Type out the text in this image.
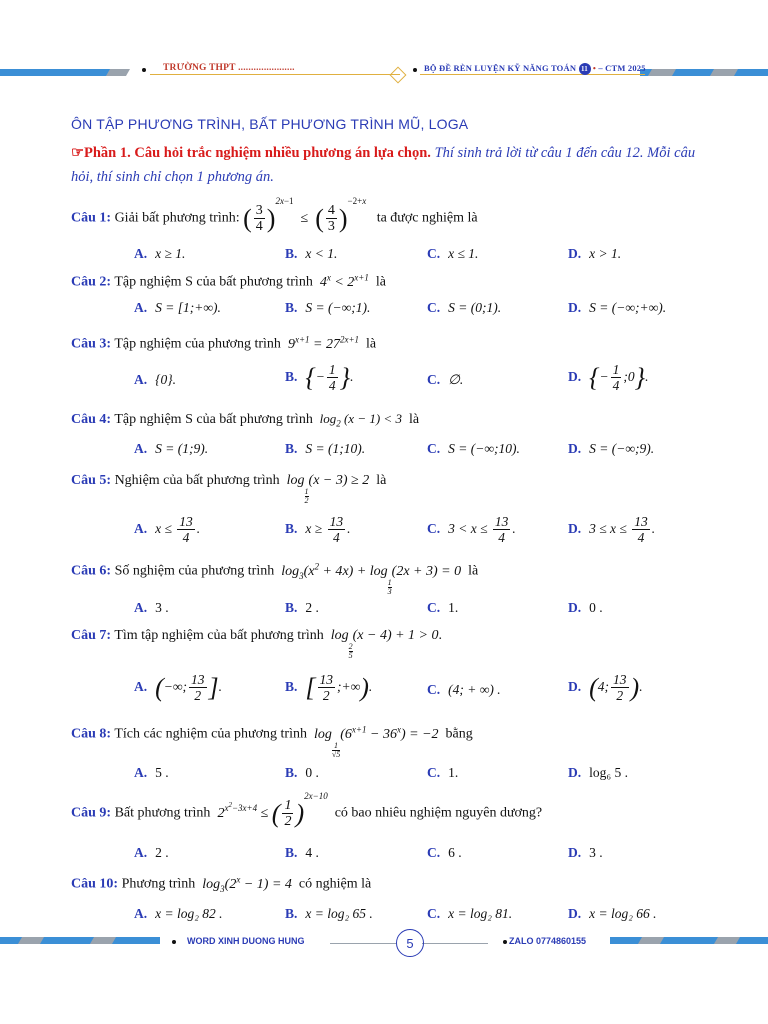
TRƯỜNG THPT ......................	BỘ ĐỀ RÈN LUYỆN KỸ NĂNG TOÁN 11 • – CTM 2025
ÔN TẬP PHƯƠNG TRÌNH, BẤT PHƯƠNG TRÌNH MŨ, LOGA
☞Phần 1. Câu hỏi trắc nghiệm nhiều phương án lựa chọn. Thí sinh trả lời từ câu 1 đến câu 12. Mỗi câu hỏi, thí sinh chỉ chọn 1 phương án.
Câu 1: Giải bất phương trình: ( $\frac{3}{4} )^{2x-1}$  ≤  ( $\frac{4}{3} )^{-2+x}$   ta được nghiệm là
A. x ≥ 1.	B. x < 1.	C. x ≤ 1.	D. x > 1.
Câu 2: Tập nghiệm S của bất phương trình  $4^x < 2^{x+1}$ là
A. S = [1;+∞).	B. S = (−∞;1).	C. S = (0;1).	D. S = (−∞;+∞).
Câu 3: Tập nghiệm của phương trình  $9^{x+1} = 27^{2x+1}$ là
A. {0}.	B. {− $\frac{1}{4}$ }.	C. ∅.	D. {− $\frac{1}{4}$ ;0}.
Câu 4: Tập nghiệm S của bất phương trình  $\log_2 (x - 1) < 3$ là
A. S = (1;9).	B. S = (1;10).	C. S = (−∞;10).	D. S = (−∞;9).
Câu 5: Nghiệm của bất phương trình  log
$_{\frac{1}{2}}$
(x − 3) ≥ 2 là
A. $x \le \frac{13}{4}$ .	B. $x \ge \frac{13}{4}$ .	C. $3 < x \le \frac{13}{4}$ .	D. $3 \le x \le \frac{13}{4}$ .
Câu 6: Số nghiệm của phương trình  $\log_3(x^2 + 4x) + \log$
$_{\frac{1}{3}}$
(2x + 3) = 0 là
A. 3 .	B. 2 .	C. 1.	D. 0 .
Câu 7: Tìm tập nghiệm của bất phương trình  log
$_{\frac{2}{5}}$
(x − 4) + 1 > 0.
A. (−∞; $\frac{13}{2}$ ].	B. [ $\frac{13}{2}$ ;+∞).	C. (4; + ∞) .	D. (4; $\frac{13}{2}$ ).
Câu 8: Tích các nghiệm của phương trình  log
$_{\frac{1}{√5}}$
$(6^{x+1} - 36^x) = -2$ bằng
A. 5 .	B. 0 .	C. 1.	D. log₆ 5 .
Câu 9: Bất phương trình  $2^{x^2-3x+4}$ ≤ ( $\frac{1}{2} )^{2x-10}$  có bao nhiêu nghiệm nguyên dương?
A. 2 .	B. 4 .	C. 6 .	D. 3 .
Câu 10: Phương trình  $\log_3(2^x - 1) = 4$ có nghiệm là
A. x = log₂ 82 .	B. x = log₂ 65 .	C. x = log₂ 81.	D. x = log₂ 66 .
WORD XINH DUONG HUNG	5	ZALO 0774860155
